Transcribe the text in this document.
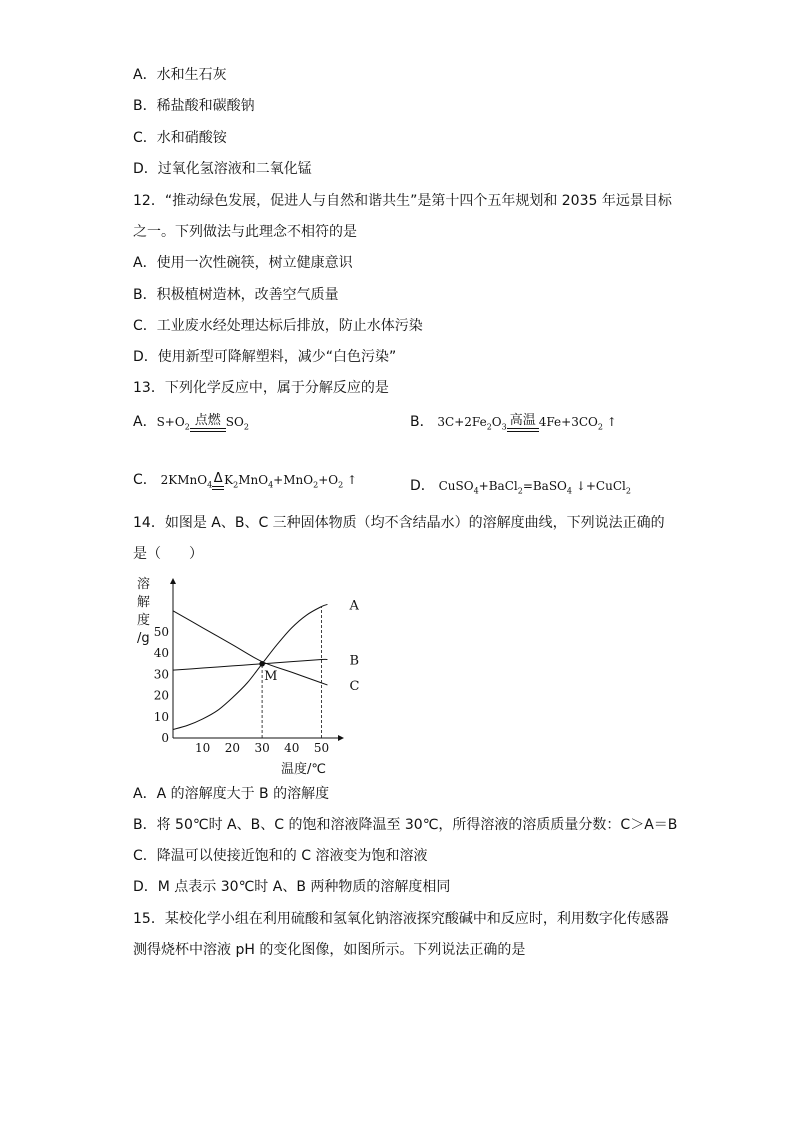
A．水和生石灰
B．稀盐酸和碳酸钠
C．水和硝酸铵
D．过氧化氢溶液和二氧化锰
12．“推动绿色发展，促进人与自然和谐共生”是第十四个五年规划和 2035 年远景目标
之一。下列做法与此理念不相符的是
A．使用一次性碗筷，树立健康意识
B．积极植树造林，改善空气质量
C．工业废水经处理达标后排放，防止水体污染
D．使用新型可降解塑料，减少“白色污染”
13．下列化学反应中，属于分解反应的是
A．$S+O_2$ 点燃 $SO_2$	B． $3C+2Fe_2O_3$ 高温 $4Fe+3CO_2$ ↑
C． 2KMnO$_4$ Δ $K_2MnO_4+MnO_2+O_2$ ↑	D． CuSO$_4$+BaCl$_2$=BaSO$_4$ ↓+CuCl$_2$
14．如图是 A、B、C 三种固体物质（均不含结晶水）的溶解度曲线，下列说法正确的
是（　　）
溶
解
度
/g
10 20 30 40 50
0
10
20
30
40
50
A
B
C
M
温度/℃
A．A 的溶解度大于 B 的溶解度
B．将 50℃时 A、B、C 的饱和溶液降温至 30℃，所得溶液的溶质质量分数：C＞A＝B
C．降温可以使接近饱和的 C 溶液变为饱和溶液
D．M 点表示 30℃时 A、B 两种物质的溶解度相同
15．某校化学小组在利用硫酸和氢氧化钠溶液探究酸碱中和反应时，利用数字化传感器
测得烧杯中溶液 pH 的变化图像，如图所示。下列说法正确的是
